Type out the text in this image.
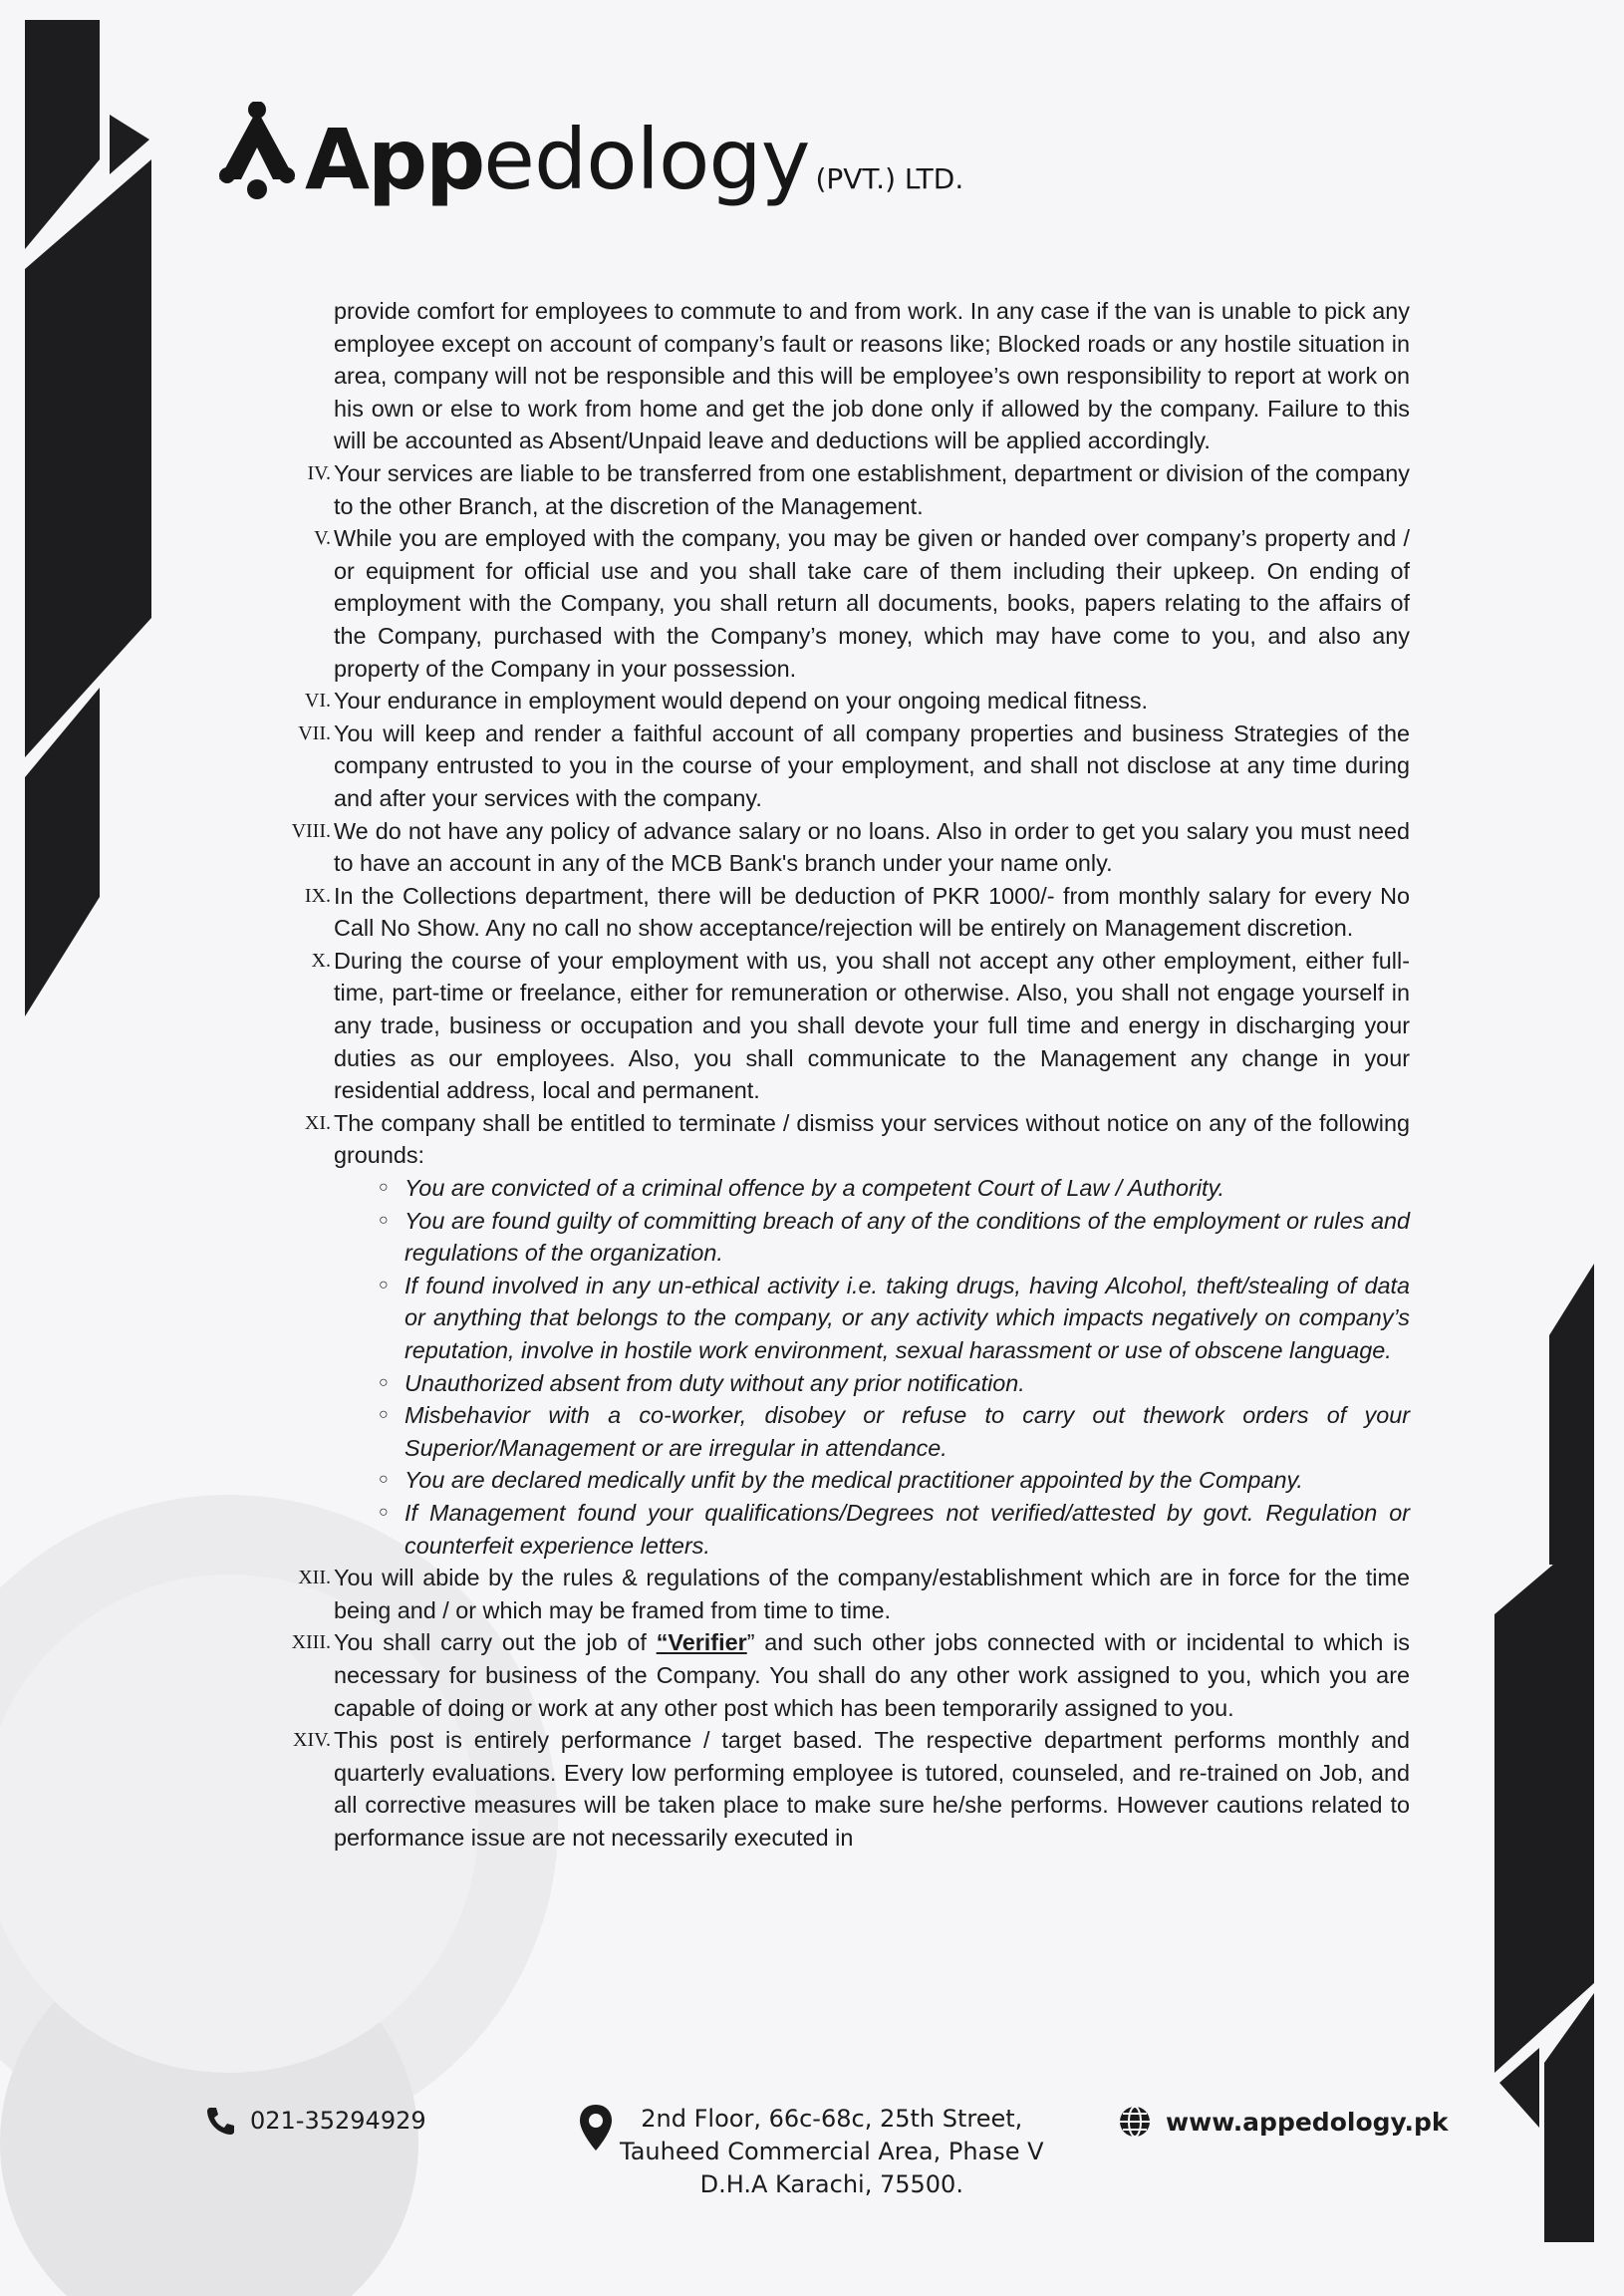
App edology (PVT.) LTD.

provide comfort for employees to commute to and from work. In any case if the van is unable to pick any employee except on account of company’s fault or reasons like; Blocked roads or any hostile situation in area, company will not be responsible and this will be employee’s own responsibility to report at work on his own or else to work from home and get the job done only if allowed by the company. Failure to this will be accounted as Absent/Unpaid leave and deductions will be applied accordingly.

IV. Your services are liable to be transferred from one establishment, department or division of the company to the other Branch, at the discretion of the Management.
V. While you are employed with the company, you may be given or handed over company’s property and / or equipment for official use and you shall take care of them including their upkeep. On ending of employment with the Company, you shall return all documents, books, papers relating to the affairs of the Company, purchased with the Company’s money, which may have come to you, and also any property of the Company in your possession.
VI. Your endurance in employment would depend on your ongoing medical fitness.
VII. You will keep and render a faithful account of all company properties and business Strategies of the company entrusted to you in the course of your employment, and shall not disclose at any time during and after your services with the company.
VIII. We do not have any policy of advance salary or no loans. Also in order to get you salary you must need to have an account in any of the MCB Bank's branch under your name only.
IX. In the Collections department, there will be deduction of PKR 1000/- from monthly salary for every No Call No Show. Any no call no show acceptance/rejection will be entirely on Management discretion.
X. During the course of your employment with us, you shall not accept any other employment, either full-time, part-time or freelance, either for remuneration or otherwise. Also, you shall not engage yourself in any trade, business or occupation and you shall devote your full time and energy in discharging your duties as our employees. Also, you shall communicate to the Management any change in your residential address, local and permanent.
XI. The company shall be entitled to terminate / dismiss your services without notice on any of the following grounds:
○ You are convicted of a criminal offence by a competent Court of Law / Authority.
○ You are found guilty of committing breach of any of the conditions of the employment or rules and regulations of the organization.
○ If found involved in any un-ethical activity i.e. taking drugs, having Alcohol, theft/stealing of data or anything that belongs to the company, or any activity which impacts negatively on company’s reputation, involve in hostile work environment, sexual harassment or use of obscene language.
○ Unauthorized absent from duty without any prior notification.
○ Misbehavior with a co-worker, disobey or refuse to carry out thework orders of your Superior/Management or are irregular in attendance.
○ You are declared medically unfit by the medical practitioner appointed by the Company.
○ If Management found your qualifications/Degrees not verified/attested by govt. Regulation or counterfeit experience letters.
XII. You will abide by the rules & regulations of the company/establishment which are in force for the time being and / or which may be framed from time to time.
XIII. You shall carry out the job of “Verifier” and such other jobs connected with or incidental to which is necessary for business of the Company. You shall do any other work assigned to you, which you are capable of doing or work at any other post which has been temporarily assigned to you.
XIV. This post is entirely performance / target based. The respective department performs monthly and quarterly evaluations. Every low performing employee is tutored, counseled, and re-trained on Job, and all corrective measures will be taken place to make sure he/she performs. However cautions related to performance issue are not necessarily executed in
021-35294929	2nd Floor, 66c-68c, 25th Street,
Tauheed Commercial Area, Phase V
D.H.A Karachi, 75500.
www.appedology.pk
